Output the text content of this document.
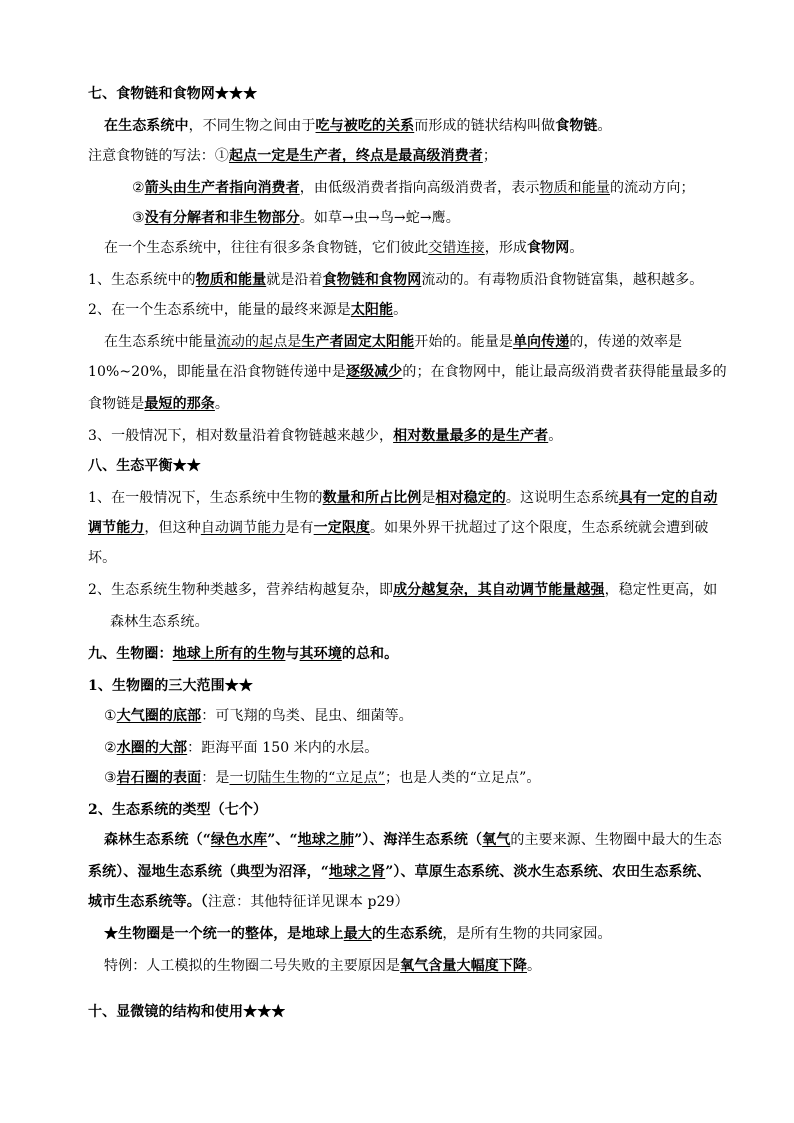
七、食物链和食物网★★★
在生态系统中，不同生物之间由于吃与被吃的关系而形成的链状结构叫做食物链。
注意食物链的写法：①起点一定是生产者，终点是最高级消费者；
②箭头由生产者指向消费者，由低级消费者指向高级消费者，表示物质和能量的流动方向；
③没有分解者和非生物部分。如草→虫→鸟→蛇→鹰。
在一个生态系统中，往往有很多条食物链，它们彼此交错连接，形成食物网。
1、生态系统中的物质和能量就是沿着食物链和食物网流动的。有毒物质沿食物链富集，越积越多。
2、在一个生态系统中，能量的最终来源是太阳能。
在生态系统中能量流动的起点是生产者固定太阳能开始的。能量是单向传递的，传递的效率是
10%~20%，即能量在沿食物链传递中是逐级减少的；在食物网中，能让最高级消费者获得能量最多的
食物链是最短的那条。
3、一般情况下，相对数量沿着食物链越来越少，相对数量最多的是生产者。
八、生态平衡★★
1、在一般情况下，生态系统中生物的数量和所占比例是相对稳定的。这说明生态系统具有一定的自动
调节能力，但这种自动调节能力是有一定限度。如果外界干扰超过了这个限度，生态系统就会遭到破
坏。
2、生态系统生物种类越多，营养结构越复杂，即成分越复杂，其自动调节能量越强，稳定性更高，如
森林生态系统。
九、生物圈：地球上所有的生物与其环境的总和。
1、生物圈的三大范围★★
①大气圈的底部：可飞翔的鸟类、昆虫、细菌等。
②水圈的大部：距海平面 150 米内的水层。
③岩石圈的表面：是一切陆生生物的“立足点”；也是人类的“立足点”。
2、生态系统的类型（七个）
森林生态系统（“绿色水库”、“地球之肺”）、海洋生态系统（氧气的主要来源、生物圈中最大的生态
系统）、湿地生态系统（典型为沼泽，“地球之肾”）、草原生态系统、淡水生态系统、农田生态系统、
城市生态系统等。（注意：其他特征详见课本 p29）
★生物圈是一个统一的整体，是地球上最大的生态系统，是所有生物的共同家园。
特例：人工模拟的生物圈二号失败的主要原因是氧气含量大幅度下降。
十、显微镜的结构和使用★★★
